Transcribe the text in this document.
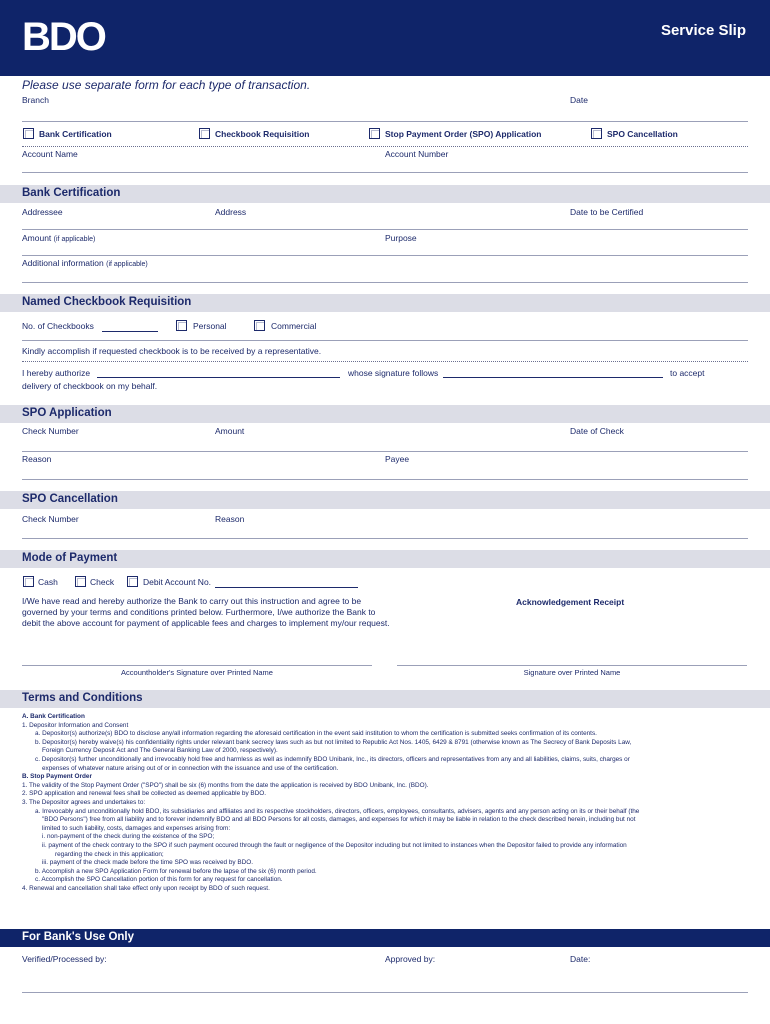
BDO	Service Slip
Please use separate form for each type of transaction.
Branch	Date
Bank Certification	Checkbook Requisition	Stop Payment Order (SPO) Application	SPO Cancellation
Account Name	Account Number
Bank Certification
Addressee	Address	Date to be Certified
Amount (if applicable)	Purpose
Additional information (if applicable)
Named Checkbook Requisition
No. of Checkbooks	Personal	Commercial
Kindly accomplish if requested checkbook is to be received by a representative.
I hereby authorize	whose signature follows	to accept
delivery of checkbook on my behalf.
SPO Application
Check Number	Amount	Date of Check
Reason	Payee
SPO Cancellation
Check Number	Reason
Mode of Payment
Cash	Check	Debit Account No.
I/We have read and hereby authorize the Bank to carry out this instruction and agree to be
governed by your terms and conditions printed below. Furthermore, I/we authorize the Bank to
debit the above account for payment of applicable fees and charges to implement my/our request.
Acknowledgement Receipt
Accountholder's Signature over Printed Name	Signature over Printed Name
Terms and Conditions
A. Bank Certification
1. Depositor Information and Consent
a. Depositor(s) authorize(s) BDO to disclose any/all information regarding the aforesaid certification in the event said institution to whom the certification is submitted seeks confirmation of its contents.
b. Depositor(s) hereby waive(s) his confidentiality rights under relevant bank secrecy laws such as but not limited to Republic Act Nos. 1405, 6429 & 8791 (otherwise known as The Secrecy of Bank Deposits Law,
Foreign Currency Deposit Act and The General Banking Law of 2000, respectively).
c. Depositor(s) further unconditionally and irrevocably hold free and harmless as well as indemnify BDO Unibank, Inc., its directors, officers and representatives from any and all liabilities, claims, suits, charges or
expenses of whatever nature arising out of or in connection with the issuance and use of the certification.
B. Stop Payment Order
1. The validity of the Stop Payment Order ("SPO") shall be six (6) months from the date the application is received by BDO Unibank, Inc. (BDO).
2. SPO application and renewal fees shall be collected as deemed applicable by BDO.
3. The Depositor agrees and undertakes to:
a. Irrevocably and unconditionally hold BDO, its subsidiaries and affiliates and its respective stockholders, directors, officers, employees, consultants, advisers, agents and any person acting on its or their behalf (the
"BDO Persons") free from all liability and to forever indemnify BDO and all BDO Persons for all costs, damages, and expenses for which it may be liable in relation to the check described herein, including but not
limited to such liability, costs, damages and expenses arising from:
i. non-payment of the check during the existence of the SPO;
ii. payment of the check contrary to the SPO if such payment occured through the fault or negligence of the Depositor including but not limited to instances when the Depositor failed to provide any information
regarding the check in this application;
iii. payment of the check made before the time SPO was received by BDO.
b. Accomplish a new SPO Application Form for renewal before the lapse of the six (6) month period.
c. Accomplish the SPO Cancellation portion of this form for any request for cancellation.
4. Renewal and cancellation shall take effect only upon receipt by BDO of such request.
For Bank's Use Only
Verified/Processed by:	Approved by:	Date:
